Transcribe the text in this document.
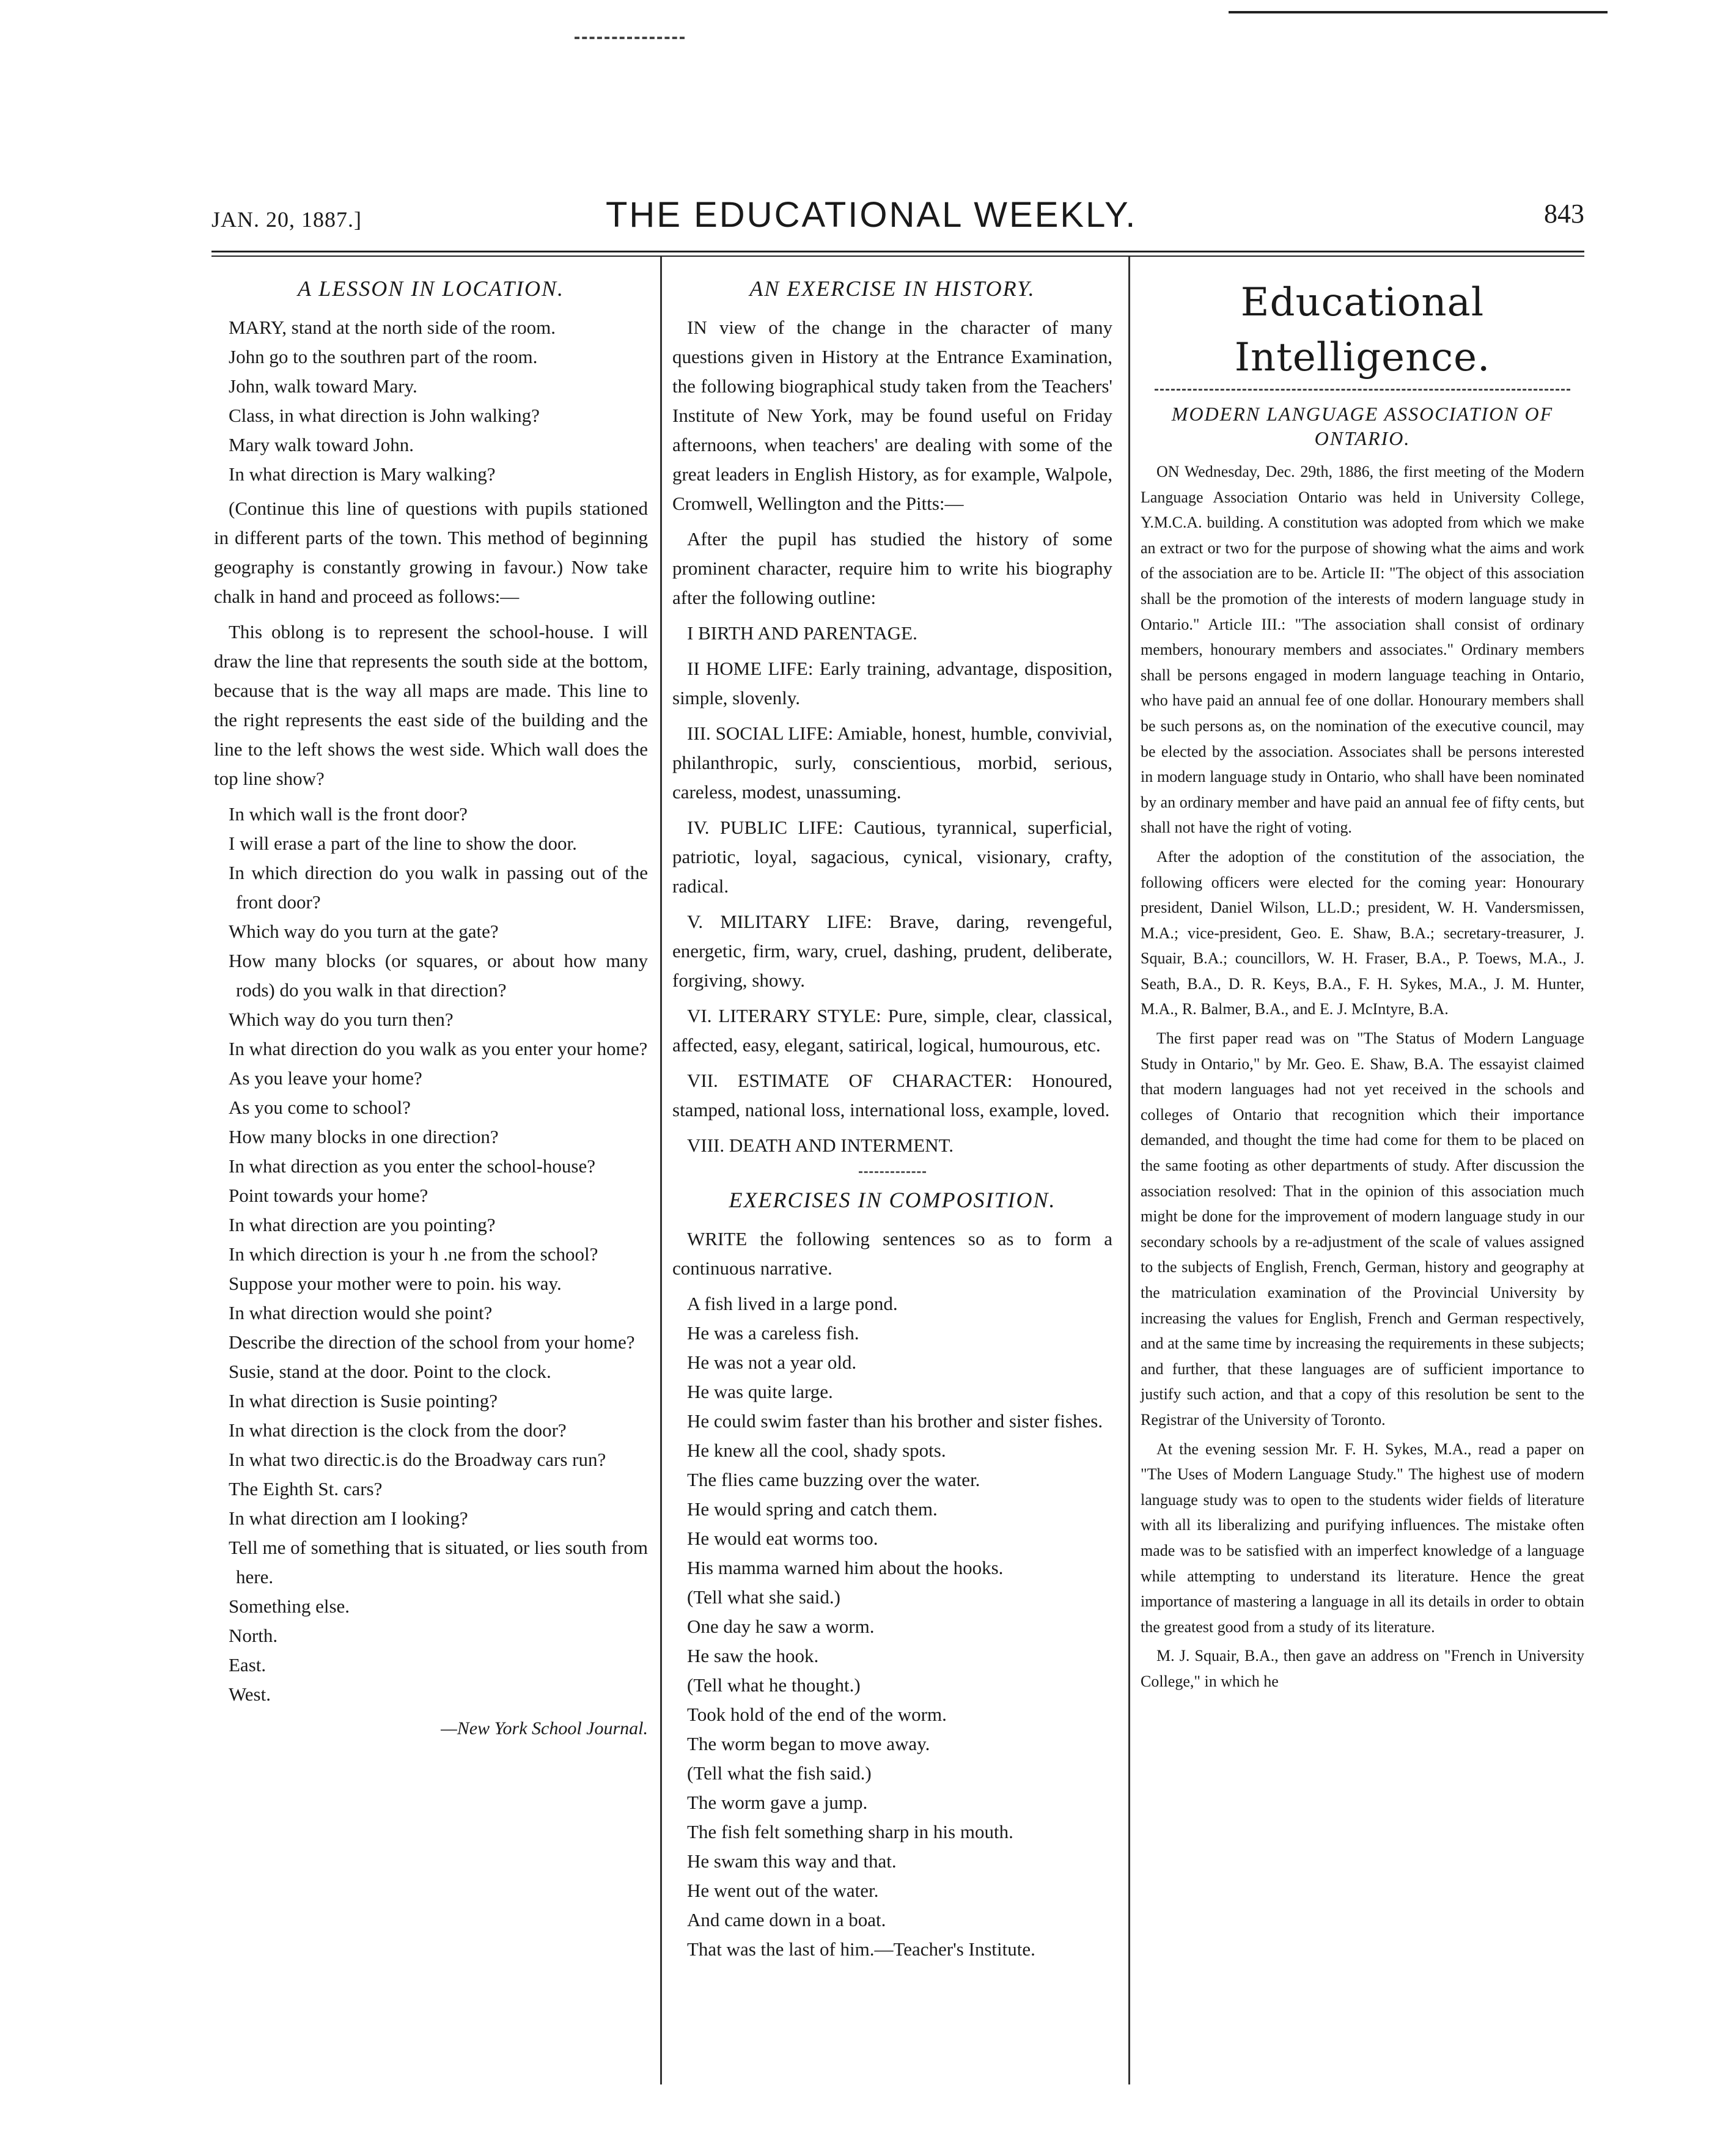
JAN. 20, 1887.]	THE EDUCATIONAL WEEKLY.	843
A LESSON IN LOCATION.
MARY, stand at the north side of the room.
John go to the southren part of the room.
John, walk toward Mary.
Class, in what direction is John walking?
Mary walk toward John.
In what direction is Mary walking?

(Continue this line of questions with pupils stationed in different parts of the town. This method of beginning geography is constantly growing in favour.) Now take chalk in hand and proceed as follows:—

This oblong is to represent the school-house. I will draw the line that represents the south side at the bottom, because that is the way all maps are made. This line to the right represents the east side of the building and the line to the left shows the west side. Which wall does the top line show?

In which wall is the front door?
I will erase a part of the line to show the door.
In which direction do you walk in passing out of the front door?
Which way do you turn at the gate?
How many blocks (or squares, or about how many rods) do you walk in that direction?
Which way do you turn then?
In what direction do you walk as you enter your home?
As you leave your home?
As you come to school?
How many blocks in one direction?
In what direction as you enter the school-house?
Point towards your home?
In what direction are you pointing?
In which direction is your h .ne from the school?
Suppose your mother were to poin. his way.
In what direction would she point?
Describe the direction of the school from your home?
Susie, stand at the door. Point to the clock.
In what direction is Susie pointing?
In what direction is the clock from the door?
In what two directic.is do the Broadway cars run?
The Eighth St. cars?
In what direction am I looking?
Tell me of something that is situated, or lies south from here.
Something else.
North.
East.
West.
—New York School Journal.
AN EXERCISE IN HISTORY.

IN view of the change in the character of many questions given in History at the Entrance Examination, the following biographical study taken from the Teachers' Institute of New York, may be found useful on Friday afternoons, when teachers' are dealing with some of the great leaders in English History, as for example, Walpole, Cromwell, Wellington and the Pitts:—

After the pupil has studied the history of some prominent character, require him to write his biography after the following outline:

I BIRTH AND PARENTAGE.

II HOME LIFE: Early training, advantage, disposition, simple, slovenly.

III. SOCIAL LIFE: Amiable, honest, humble, convivial, philanthropic, surly, conscientious, morbid, serious, careless, modest, unassuming.

IV. PUBLIC LIFE: Cautious, tyrannical, superficial, patriotic, loyal, sagacious, cynical, visionary, crafty, radical.

V. MILITARY LIFE: Brave, daring, revengeful, energetic, firm, wary, cruel, dashing, prudent, deliberate, forgiving, showy.

VI. LITERARY STYLE: Pure, simple, clear, classical, affected, easy, elegant, satirical, logical, humourous, etc.

VII. ESTIMATE OF CHARACTER: Honoured, stamped, national loss, international loss, example, loved.

VIII. DEATH AND INTERMENT.

EXERCISES IN COMPOSITION.

WRITE the following sentences so as to form a continuous narrative.

A fish lived in a large pond.
He was a careless fish.
He was not a year old.
He was quite large.
He could swim faster than his brother and sister fishes.
He knew all the cool, shady spots.
The flies came buzzing over the water.
He would spring and catch them.
He would eat worms too.
His mamma warned him about the hooks.
(Tell what she said.)
One day he saw a worm.
He saw the hook.
(Tell what he thought.)
Took hold of the end of the worm.
The worm began to move away.
(Tell what the fish said.)
The worm gave a jump.
The fish felt something sharp in his mouth.
He swam this way and that.
He went out of the water.
And came down in a boat.
That was the last of him.—Teacher's Institute.
Educational Intelligence.
MODERN LANGUAGE ASSOCIATION OF ONTARIO.

ON Wednesday, Dec. 29th, 1886, the first meeting of the Modern Language Association Ontario was held in University College, Y.M.C.A. building. A constitution was adopted from which we make an extract or two for the purpose of showing what the aims and work of the association are to be. Article II: "The object of this association shall be the promotion of the interests of modern language study in Ontario." Article III.: "The association shall consist of ordinary members, honourary members and associates." Ordinary members shall be persons engaged in modern language teaching in Ontario, who have paid an annual fee of one dollar. Honourary members shall be such persons as, on the nomination of the executive council, may be elected by the association. Associates shall be persons interested in modern language study in Ontario, who shall have been nominated by an ordinary member and have paid an annual fee of fifty cents, but shall not have the right of voting.

After the adoption of the constitution of the association, the following officers were elected for the coming year: Honourary president, Daniel Wilson, LL.D.; president, W. H. Vandersmissen, M.A.; vice-president, Geo. E. Shaw, B.A.; secretary-treasurer, J. Squair, B.A.; councillors, W. H. Fraser, B.A., P. Toews, M.A., J. Seath, B.A., D. R. Keys, B.A., F. H. Sykes, M.A., J. M. Hunter, M.A., R. Balmer, B.A., and E. J. McIntyre, B.A.

The first paper read was on "The Status of Modern Language Study in Ontario," by Mr. Geo. E. Shaw, B.A. The essayist claimed that modern languages had not yet received in the schools and colleges of Ontario that recognition which their importance demanded, and thought the time had come for them to be placed on the same footing as other departments of study. After discussion the association resolved: That in the opinion of this association much might be done for the improvement of modern language study in our secondary schools by a re-adjustment of the scale of values assigned to the subjects of English, French, German, history and geography at the matriculation examination of the Provincial University by increasing the values for English, French and German respectively, and at the same time by increasing the requirements in these subjects; and further, that these languages are of sufficient importance to justify such action, and that a copy of this resolution be sent to the Registrar of the University of Toronto.

At the evening session Mr. F. H. Sykes, M.A., read a paper on "The Uses of Modern Language Study." The highest use of modern language study was to open to the students wider fields of literature with all its liberalizing and purifying influences. The mistake often made was to be satisfied with an imperfect knowledge of a language while attempting to understand its literature. Hence the great importance of mastering a language in all its details in order to obtain the greatest good from a study of its literature.

M. J. Squair, B.A., then gave an address on "French in University College," in which he
